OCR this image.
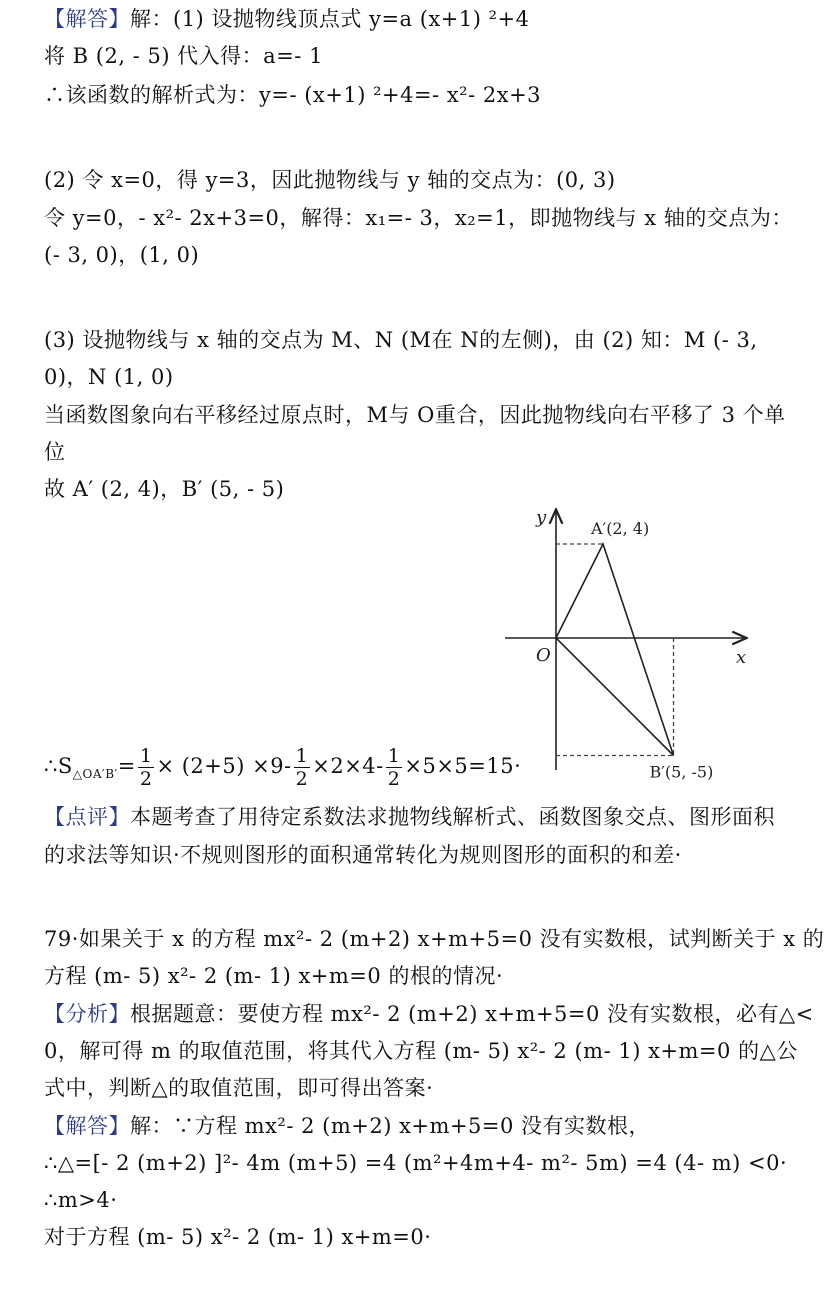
【解答】解：(1) 设抛物线顶点式 y=a (x+1) ²+4
将 B (2, - 5) 代入得：a=- 1
∴该函数的解析式为：y=- (x+1) ²+4=- x²- 2x+3
(2) 令 x=0，得 y=3，因此抛物线与 y 轴的交点为：(0, 3)
令 y=0，- x²- 2x+3=0，解得：x₁=- 3，x₂=1，即抛物线与 x 轴的交点为：
(- 3, 0)，(1, 0)
(3) 设抛物线与 x 轴的交点为 M、N (M在 N的左侧)，由 (2) 知：M (- 3,
0)，N (1, 0)
当函数图象向右平移经过原点时，M与 O重合，因此抛物线向右平移了 3 个单
位
故 A′ (2, 4)，B′ (5, - 5)
y
x
O
A′(2, 4)
B′(5, -5)
$\therefore S_{\triangle OA'B'}= \frac{1}{2} \times (2+5) \times 9- \frac{1}{2} \times 2\times 4- \frac{1}{2} \times 5\times 5=15\cdot$
【点评】本题考查了用待定系数法求抛物线解析式、函数图象交点、图形面积
的求法等知识·不规则图形的面积通常转化为规则图形的面积的和差·
79·如果关于 x 的方程 mx²- 2 (m+2) x+m+5=0 没有实数根，试判断关于 x 的
方程 (m- 5) x²- 2 (m- 1) x+m=0 的根的情况·
【分析】根据题意：要使方程 mx²- 2 (m+2) x+m+5=0 没有实数根，必有△<
0，解可得 m 的取值范围，将其代入方程 (m- 5) x²- 2 (m- 1) x+m=0 的△公
式中，判断△的取值范围，即可得出答案·
【解答】解：∵方程 mx²- 2 (m+2) x+m+5=0 没有实数根，
∴△=[- 2 (m+2) ]²- 4m (m+5) =4 (m²+4m+4- m²- 5m) =4 (4- m) <0·
∴m>4·
对于方程 (m- 5) x²- 2 (m- 1) x+m=0·
